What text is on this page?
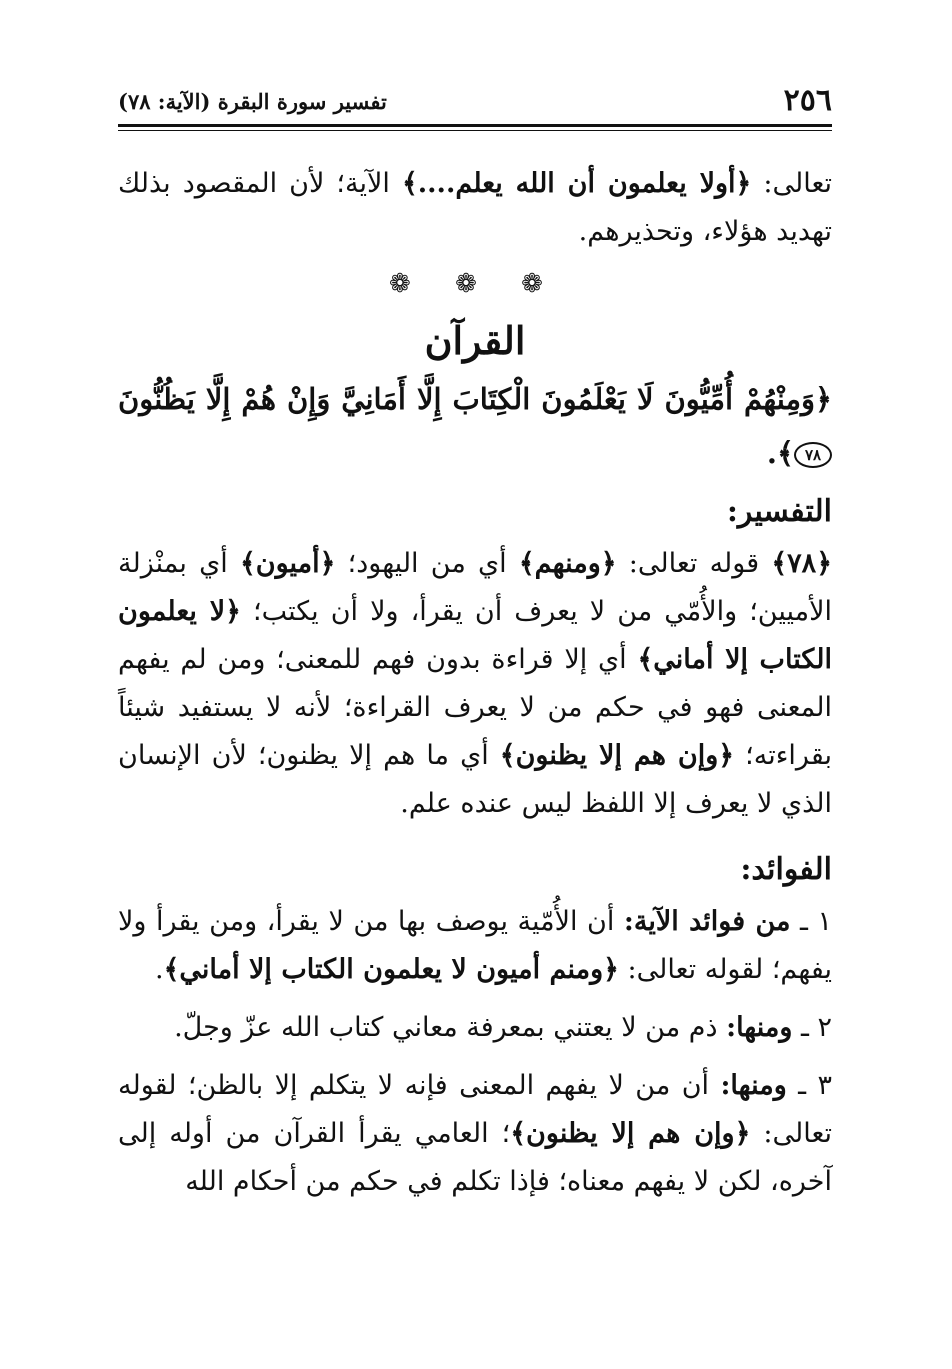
٢٥٦
تفسير سورة البقرة (الآية: ٧٨)

تعالى: ﴿أولا يعلمون أن الله يعلم....﴾ الآية؛ لأن المقصود بذلك تهديد هؤلاء، وتحذيرهم.

❁ ❁ ❁
القرآن

﴿وَمِنْهُمْ أُمِّيُّونَ لَا يَعْلَمُونَ الْكِتَابَ إِلَّا أَمَانِيَّ وَإِنْ هُمْ إِلَّا يَظُنُّونَ ٧٨﴾.

التفسير:

﴿٧٨﴾ قوله تعالى: ﴿ومنهم﴾ أي من اليهود؛ ﴿أميون﴾ أي بمنْزلة الأميين؛ والأُمّي من لا يعرف أن يقرأ، ولا أن يكتب؛ ﴿لا يعلمون الكتاب إلا أماني﴾ أي إلا قراءة بدون فهم للمعنى؛ ومن لم يفهم المعنى فهو في حكم من لا يعرف القراءة؛ لأنه لا يستفيد شيئاً بقراءته؛ ﴿وإن هم إلا يظنون﴾ أي ما هم إلا يظنون؛ لأن الإنسان الذي لا يعرف إلا اللفظ ليس عنده علم.

الفوائد:

١ ـ من فوائد الآية: أن الأُمّية يوصف بها من لا يقرأ، ومن يقرأ ولا يفهم؛ لقوله تعالى: ﴿ومنم أميون لا يعلمون الكتاب إلا أماني﴾.

٢ ـ ومنها: ذم من لا يعتني بمعرفة معاني كتاب الله عزّ وجلّ.

٣ ـ ومنها: أن من لا يفهم المعنى فإنه لا يتكلم إلا بالظن؛ لقوله تعالى: ﴿وإن هم إلا يظنون﴾؛ العامي يقرأ القرآن من أوله إلى آخره، لكن لا يفهم معناه؛ فإذا تكلم في حكم من أحكام الله
